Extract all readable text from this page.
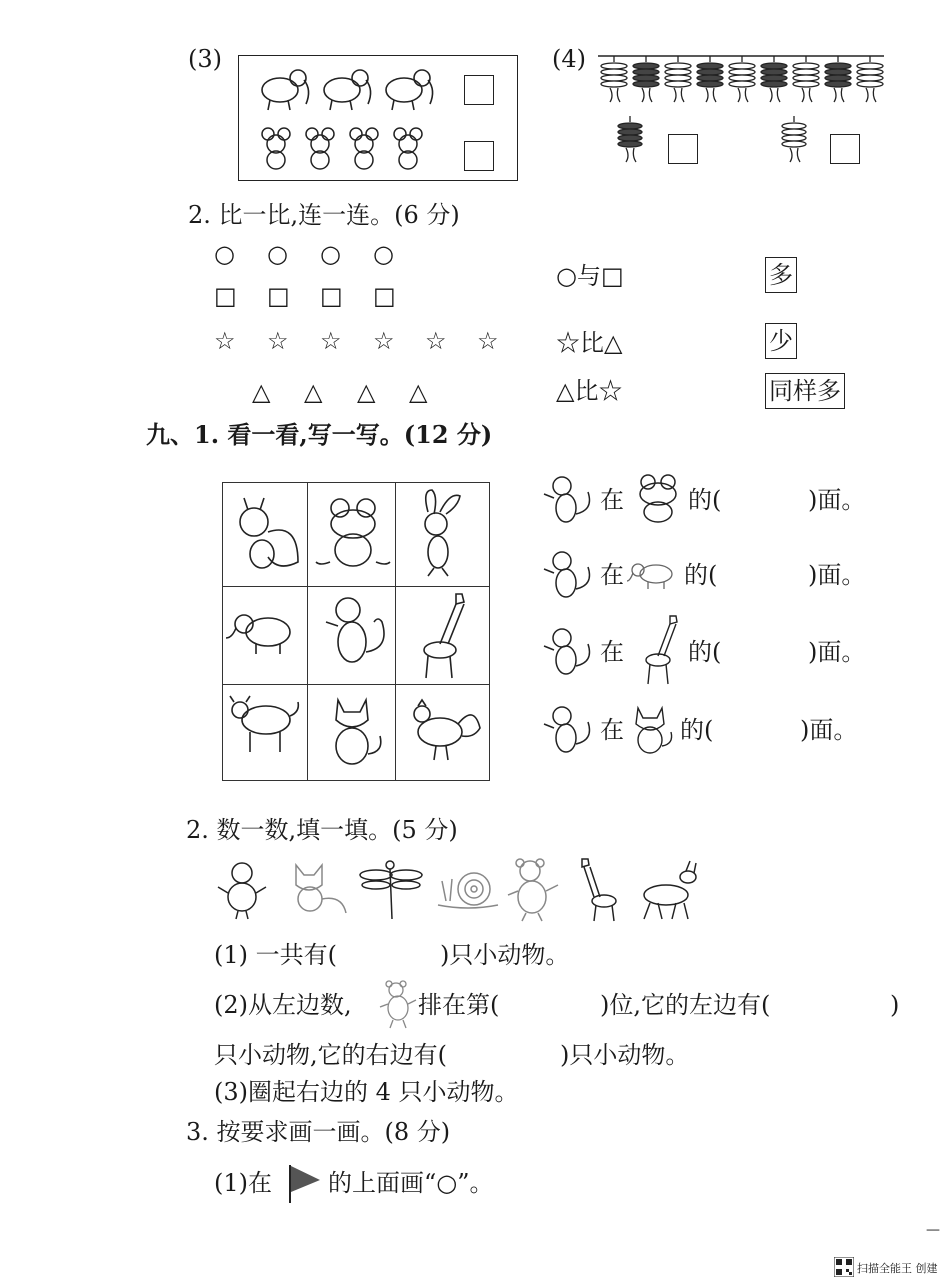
(3)	(4)
2. 比一比,连一连。(6 分)
○ ○ ○ ○
□ □ □ □
☆ ☆ ☆ ☆ ☆ ☆
△ △ △ △
○与□
☆比△
△比☆
多
少
同样多
九、1. 看一看,写一写。(12 分)
在	的(	)面。
在	的(	)面。
在	的(	)面。
在 的(	)面。
2. 数一数,填一填。(5 分)
(1) 一共有(	)只小动物。
(2)从左边数,	排在第(	)位,它的左边有(	)
只小动物,它的右边有(	)只小动物。
(3)圈起右边的 4 只小动物。
3. 按要求画一画。(8 分)
(1)在 的上面画“○”。
—
扫描全能王 创建
